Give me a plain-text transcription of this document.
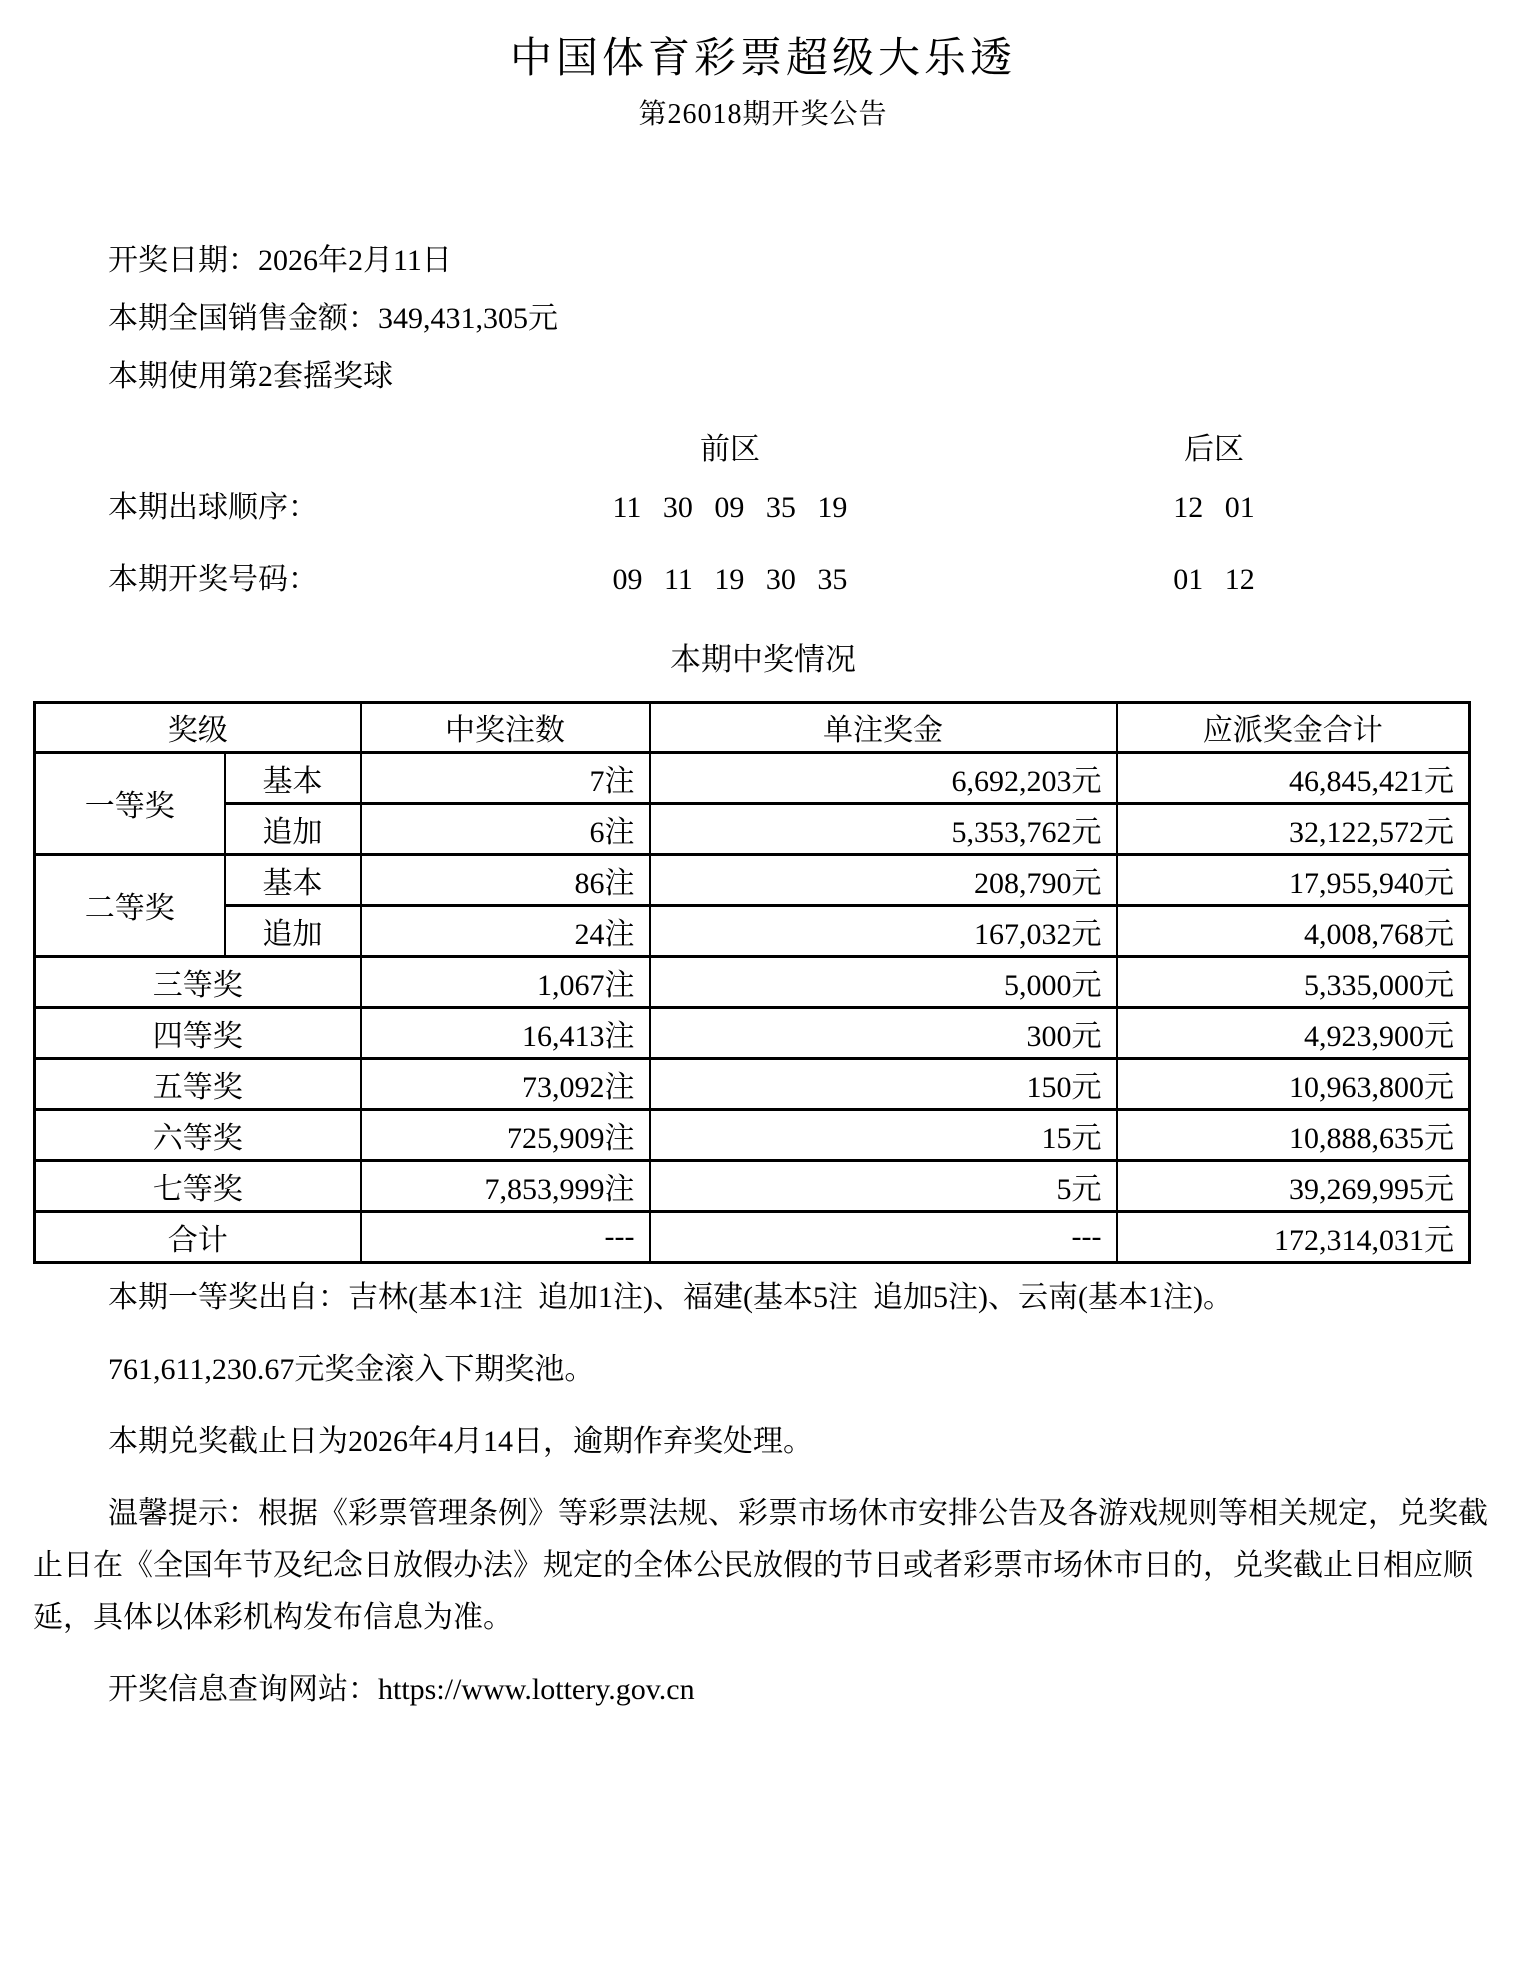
中国体育彩票超级大乐透
第26018期开奖公告

开奖日期：2026年2月11日

本期全国销售金额：349,431,305元

本期使用第2套摇奖球

前区	后区
本期出球顺序：	11 30 09 35 19	12 01
本期开奖号码：	09 11 19 30 35	01 12
本期中奖情况
奖级		中奖注数	单注奖金	应派奖金合计
一等奖	基本	7注	6,692,203元	46,845,421元
	追加	6注	5,353,762元	32,122,572元
二等奖	基本	86注	208,790元	17,955,940元
	追加	24注	167,032元	4,008,768元
三等奖		1,067注	5,000元	5,335,000元
四等奖		16,413注	300元	4,923,900元
五等奖		73,092注	150元	10,963,800元
六等奖		725,909注	15元	10,888,635元
七等奖		7,853,999注	5元	39,269,995元
合计		---	---	172,314,031元

本期一等奖出自：吉林(基本1注  追加1注)、福建(基本5注  追加5注)、云南(基本1注)。

761,611,230.67元奖金滚入下期奖池。

本期兑奖截止日为2026年4月14日，逾期作弃奖处理。

温馨提示：根据《彩票管理条例》等彩票法规、彩票市场休市安排公告及各游戏规则等相关规定，兑奖截止日在《全国年节及纪念日放假办法》规定的全体公民放假的节日或者彩票市场休市日的，兑奖截止日相应顺延，具体以体彩机构发布信息为准。

开奖信息查询网站：https://www.lottery.gov.cn
